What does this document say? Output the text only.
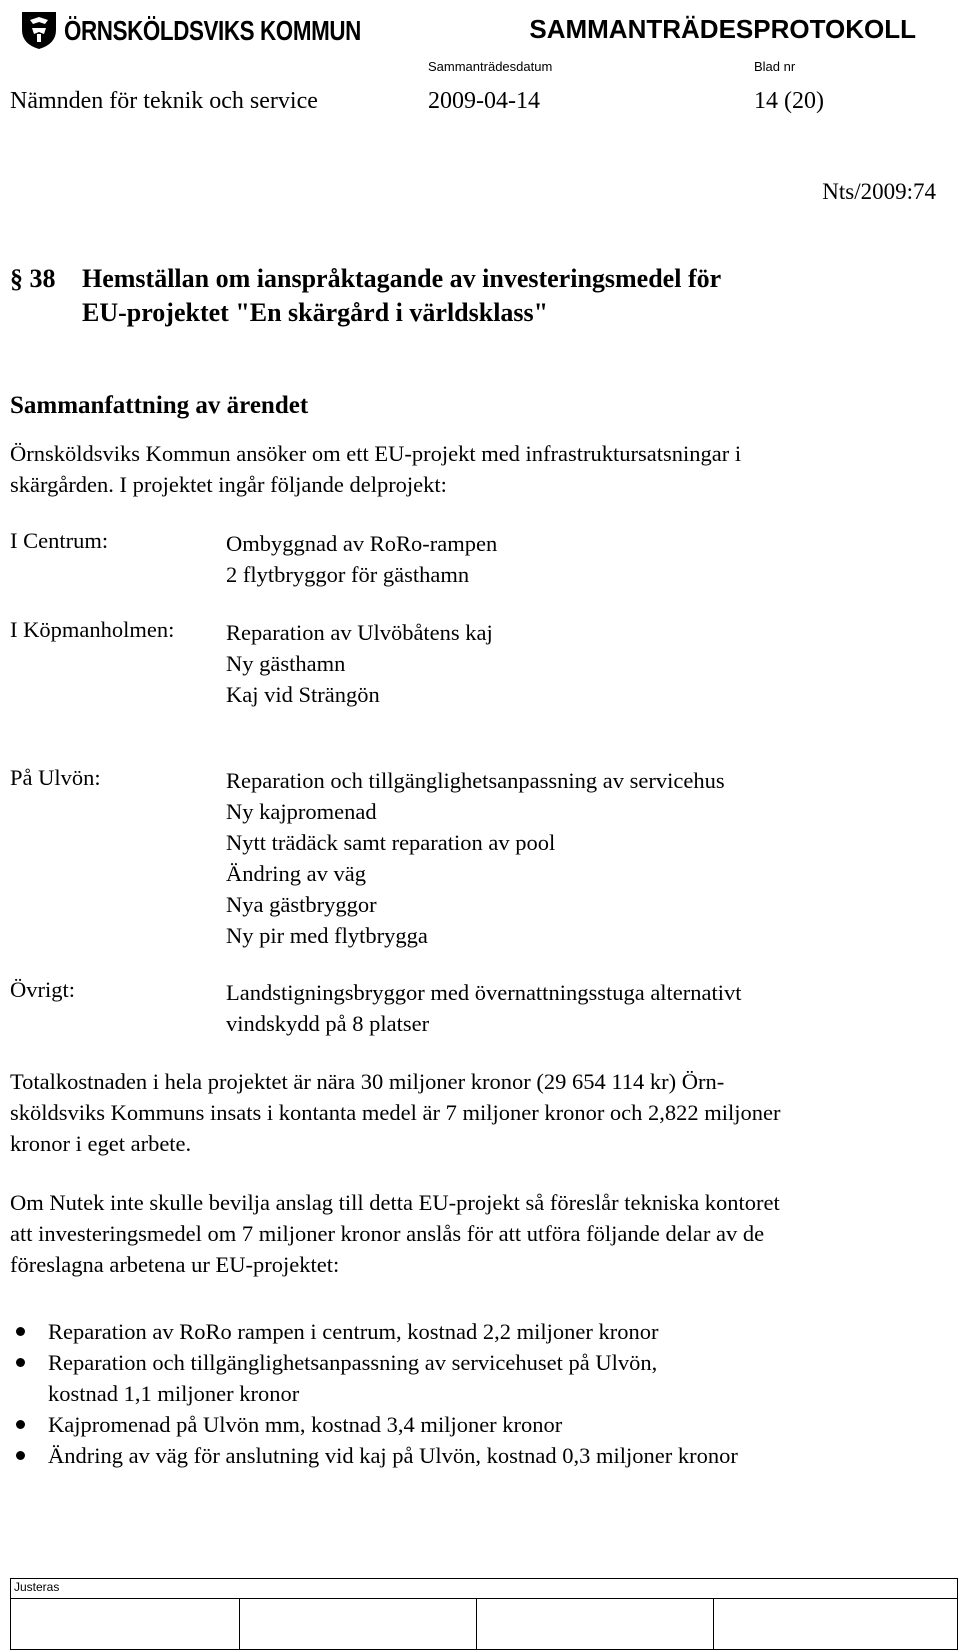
ÖRNSKÖLDSVIKS KOMMUN	SAMMANTRÄDESPROTOKOLL
Sammanträdesdatum	Blad nr
Nämnden för teknik och service	2009-04-14	14 (20)
Nts/2009:74
§ 38 Hemställan om ianspråktagande av investeringsmedel för
EU-projektet "En skärgård i världsklass"
Sammanfattning av ärendet
Örnsköldsviks Kommun ansöker om ett EU-projekt med infrastruktursatsningar i
skärgården. I projektet ingår följande delprojekt:
I Centrum:	Ombyggnad av RoRo-rampen
2 flytbryggor för gästhamn
I Köpmanholmen: Reparation av Ulvöbåtens kaj
Ny gästhamn
Kaj vid Strängön
På Ulvön:	Reparation och tillgänglighetsanpassning av servicehus
Ny kajpromenad
Nytt trädäck samt reparation av pool
Ändring av väg
Nya gästbryggor
Ny pir med flytbrygga
Övrigt:	Landstigningsbryggor med övernattningsstuga alternativt
vindskydd på 8 platser
Totalkostnaden i hela projektet är nära 30 miljoner kronor (29 654 114 kr) Örn-
sköldsviks Kommuns insats i kontanta medel är 7 miljoner kronor och 2,822 miljoner
kronor i eget arbete.
Om Nutek inte skulle bevilja anslag till detta EU-projekt så föreslår tekniska kontoret
att investeringsmedel om 7 miljoner kronor anslås för att utföra följande delar av de
föreslagna arbetena ur EU-projektet:
Reparation av RoRo rampen i centrum, kostnad 2,2 miljoner kronor
Reparation och tillgänglighetsanpassning av servicehuset på Ulvön,
kostnad 1,1 miljoner kronor
Kajpromenad på Ulvön mm, kostnad 3,4 miljoner kronor
Ändring av väg för anslutning vid kaj på Ulvön, kostnad 0,3 miljoner kronor
Justeras
